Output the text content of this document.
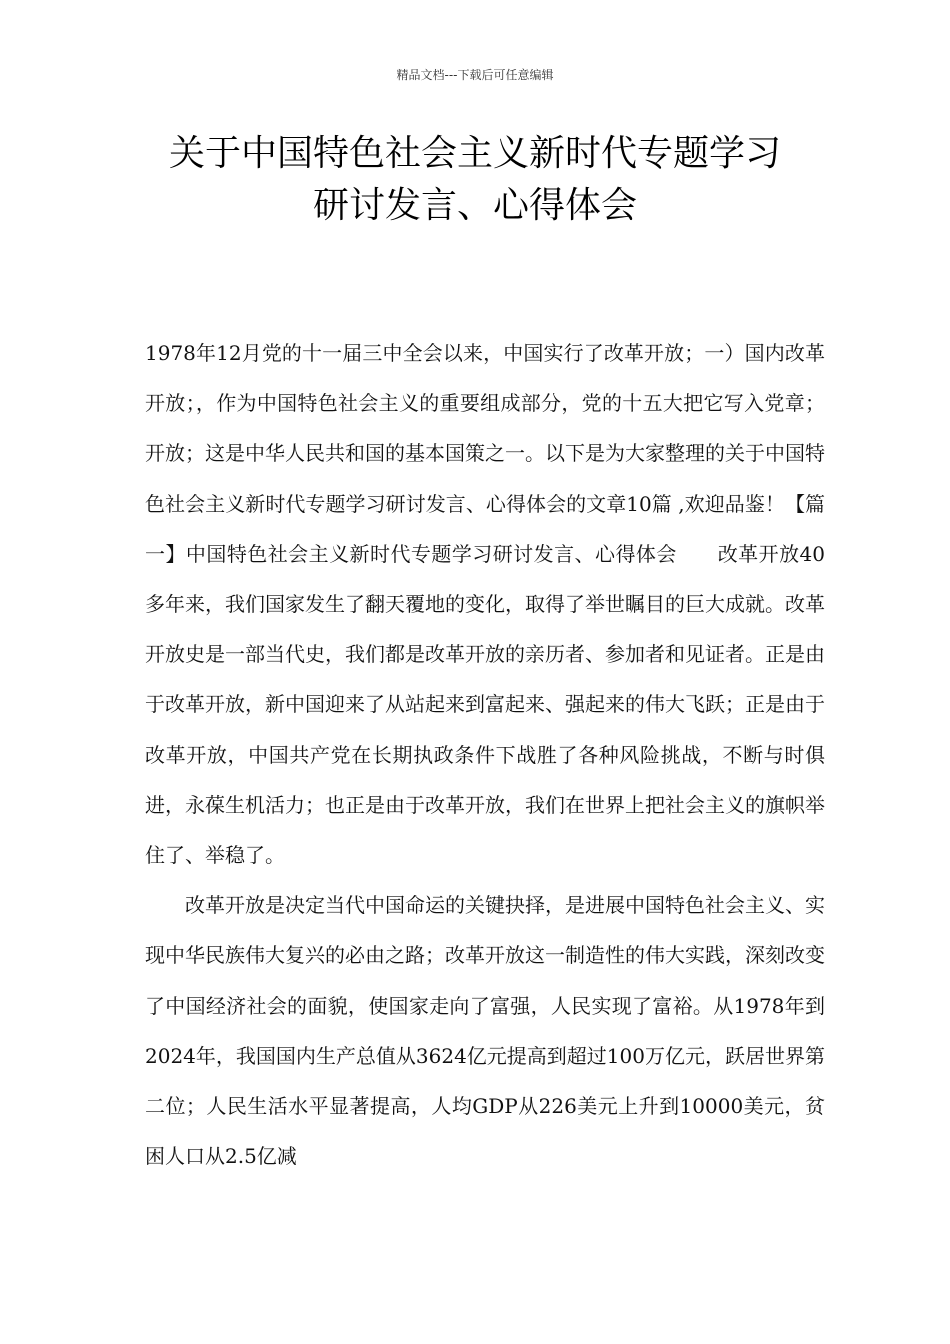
精品文档---下载后可任意编辑
关于中国特色社会主义新时代专题学习
研讨发言、心得体会

1978年12月党的十一届三中全会以来，中国实行了改革开放；一）国内改革开放；，作为中国特色社会主义的重要组成部分，党的十五大把它写入党章；开放；这是中华人民共和国的基本国策之一。以下是为大家整理的关于中国特色社会主义新时代专题学习研讨发言、心得体会的文章10篇 ,欢迎品鉴！【篇一】中国特色社会主义新时代专题学习研讨发言、心得体会　　改革开放40多年来，我们国家发生了翻天覆地的变化，取得了举世瞩目的巨大成就。改革开放史是一部当代史，我们都是改革开放的亲历者、参加者和见证者。正是由于改革开放，新中国迎来了从站起来到富起来、强起来的伟大飞跃；正是由于改革开放，中国共产党在长期执政条件下战胜了各种风险挑战，不断与时俱进，永葆生机活力；也正是由于改革开放，我们在世界上把社会主义的旗帜举住了、举稳了。

改革开放是决定当代中国命运的关键抉择，是进展中国特色社会主义、实现中华民族伟大复兴的必由之路；改革开放这一制造性的伟大实践，深刻改变了中国经济社会的面貌，使国家走向了富强，人民实现了富裕。从1978年到2024年，我国国内生产总值从3624亿元提高到超过100万亿元，跃居世界第二位；人民生活水平显著提高，人均GDP从226美元上升到10000美元，贫困人口从2.5亿减
